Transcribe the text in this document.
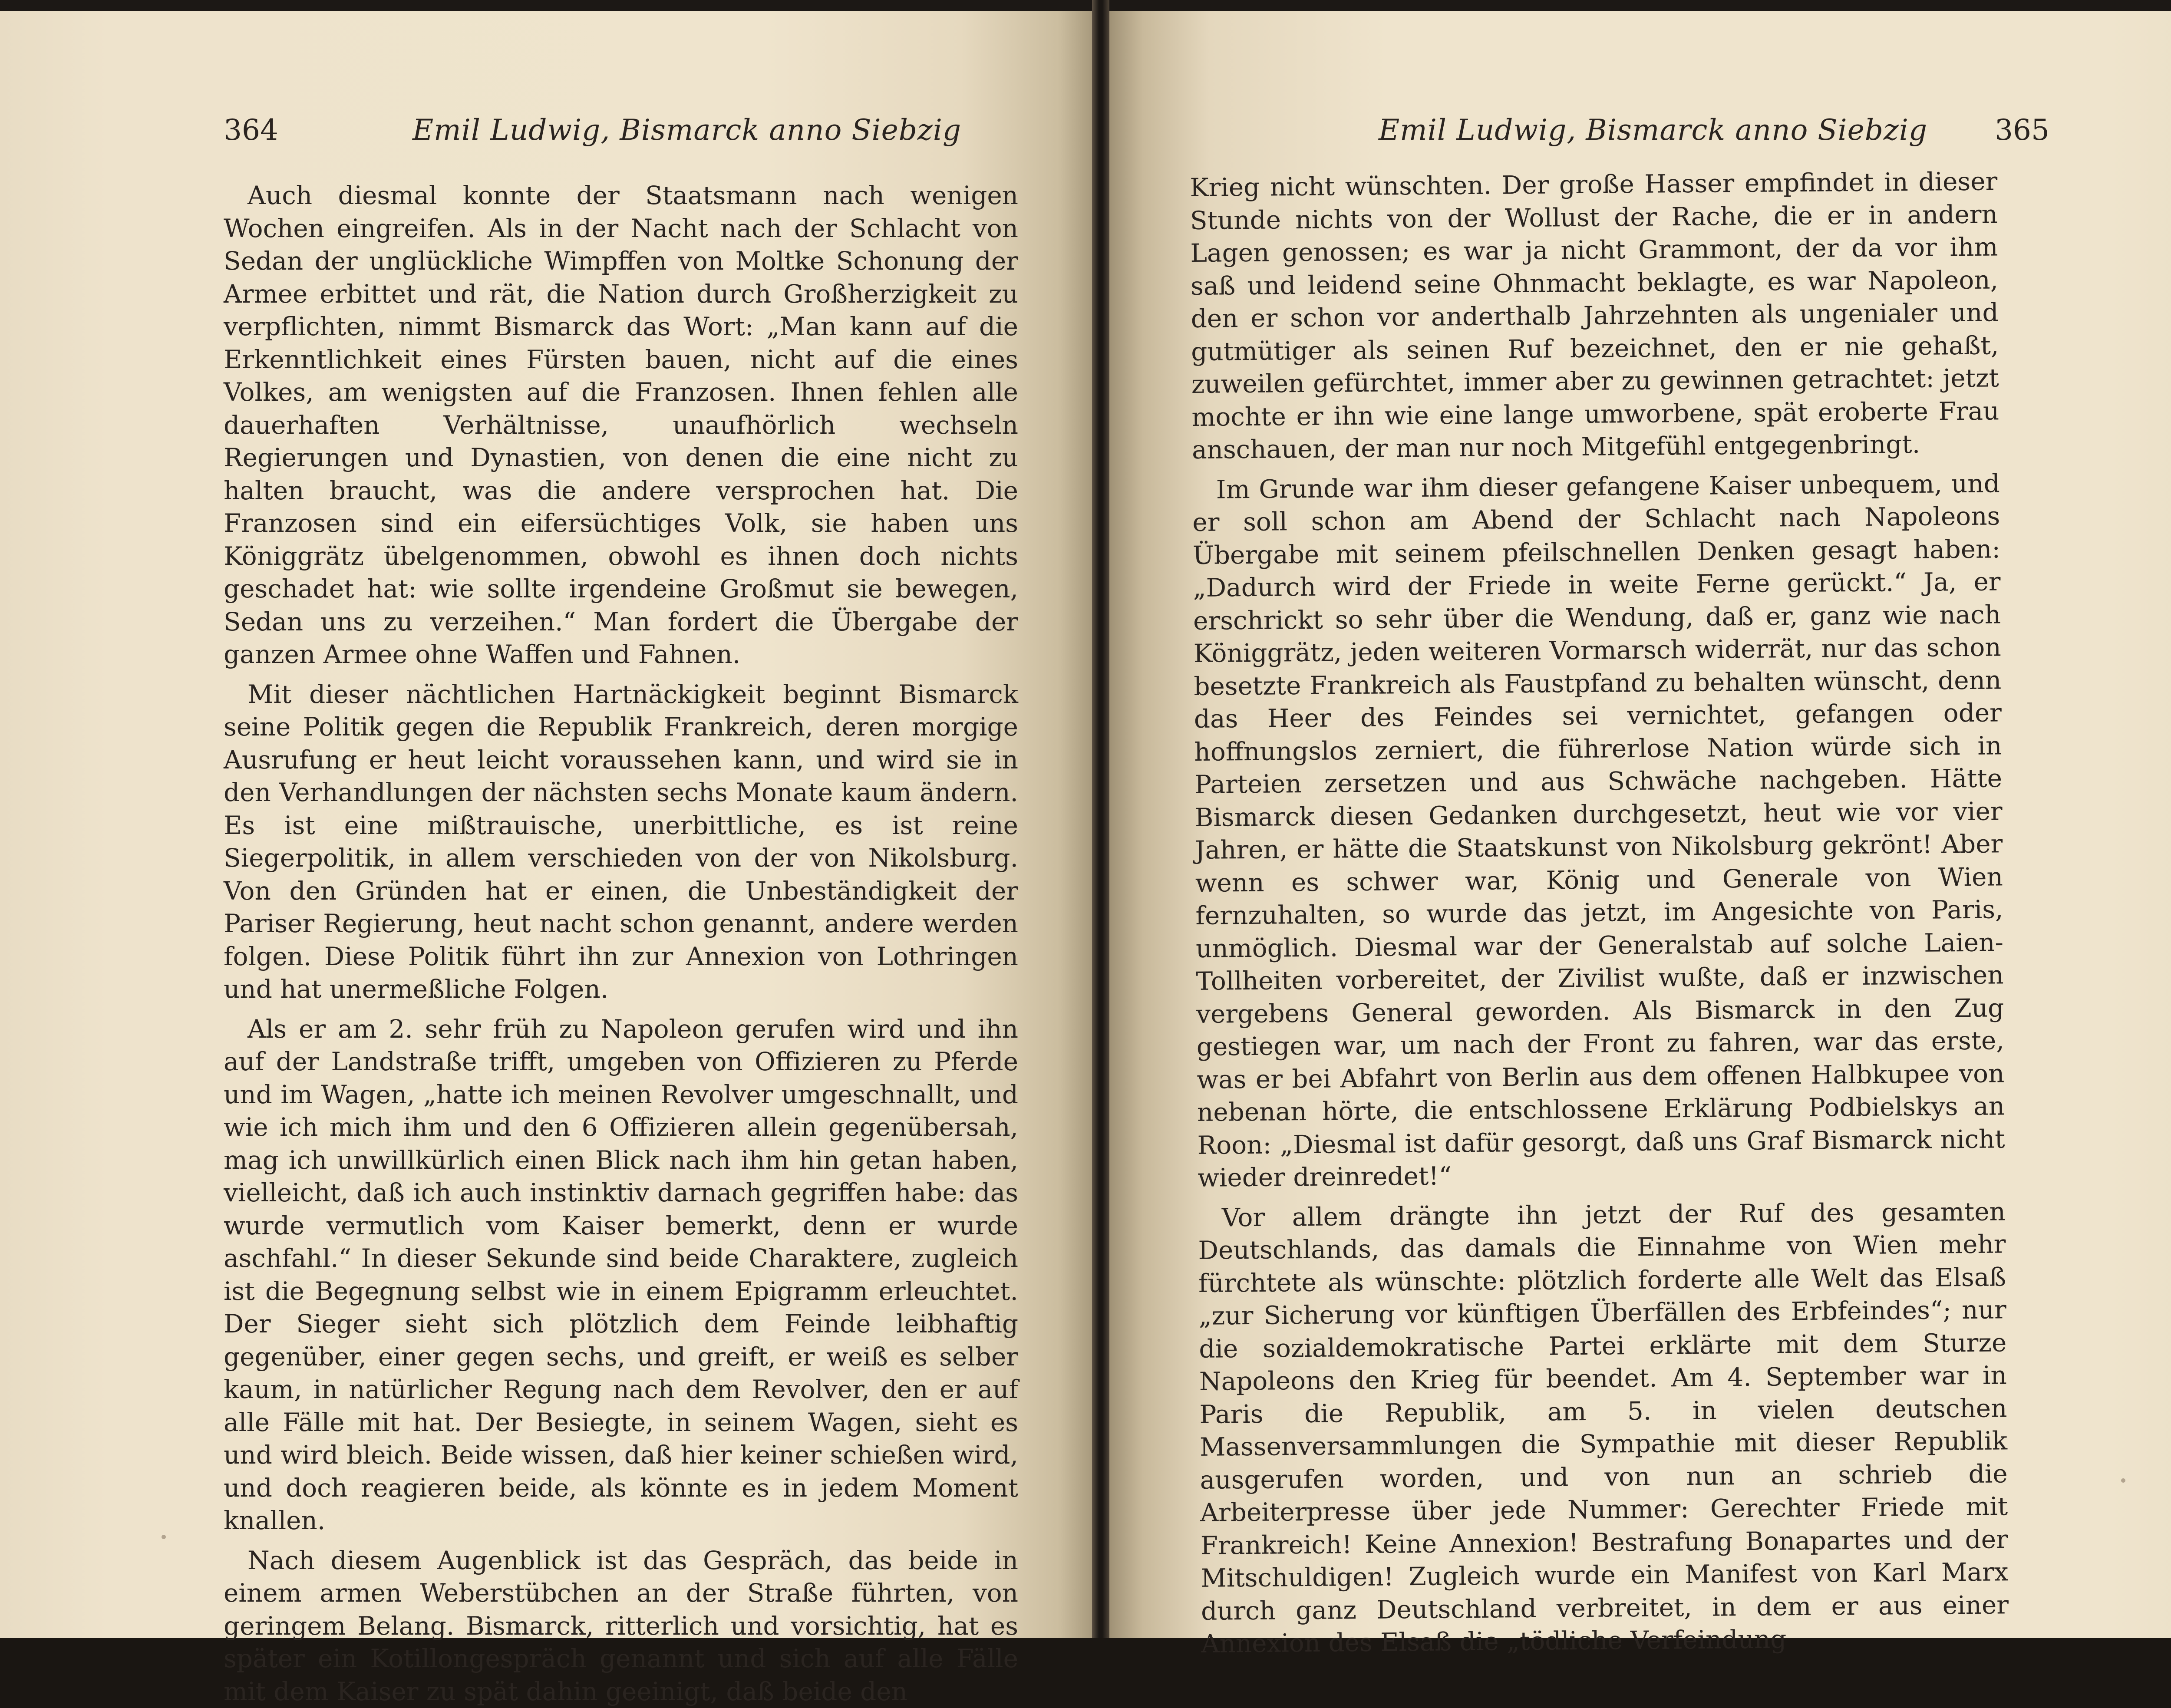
364	Emil Ludwig, Bismarck anno Siebzig

Auch diesmal konnte der Staatsmann nach wenigen Wochen eingreifen. Als in der Nacht nach der Schlacht von Sedan der unglückliche Wimpffen von Moltke Schonung der Armee erbittet und rät, die Nation durch Großherzigkeit zu verpflichten, nimmt Bismarck das Wort: „Man kann auf die Erkenntlichkeit eines Fürsten bauen, nicht auf die eines Volkes, am wenigsten auf die Franzosen. Ihnen fehlen alle dauerhaften Verhältnisse, unaufhörlich wechseln Regierungen und Dynastien, von denen die eine nicht zu halten braucht, was die andere versprochen hat. Die Franzosen sind ein eifersüchtiges Volk, sie haben uns Königgrätz übelgenommen, obwohl es ihnen doch nichts geschadet hat: wie sollte irgendeine Großmut sie bewegen, Sedan uns zu verzeihen.“ Man fordert die Übergabe der ganzen Armee ohne Waffen und Fahnen.

Mit dieser nächtlichen Hartnäckigkeit beginnt Bismarck seine Politik gegen die Republik Frankreich, deren morgige Ausrufung er heut leicht voraussehen kann, und wird sie in den Verhandlungen der nächsten sechs Monate kaum ändern. Es ist eine mißtrauische, unerbittliche, es ist reine Siegerpolitik, in allem verschieden von der von Nikolsburg. Von den Gründen hat er einen, die Unbeständigkeit der Pariser Regierung, heut nacht schon genannt, andere werden folgen. Diese Politik führt ihn zur Annexion von Lothringen und hat unermeßliche Folgen.

Als er am 2. sehr früh zu Napoleon gerufen wird und ihn auf der Landstraße trifft, umgeben von Offizieren zu Pferde und im Wagen, „hatte ich meinen Revolver umgeschnallt, und wie ich mich ihm und den 6 Offizieren allein gegenübersah, mag ich unwillkürlich einen Blick nach ihm hin getan haben, vielleicht, daß ich auch instinktiv darnach gegriffen habe: das wurde vermutlich vom Kaiser bemerkt, denn er wurde aschfahl.“ In dieser Sekunde sind beide Charaktere, zugleich ist die Begegnung selbst wie in einem Epigramm erleuchtet. Der Sieger sieht sich plötzlich dem Feinde leibhaftig gegenüber, einer gegen sechs, und greift, er weiß es selber kaum, in natürlicher Regung nach dem Revolver, den er auf alle Fälle mit hat. Der Besiegte, in seinem Wagen, sieht es und wird bleich. Beide wissen, daß hier keiner schießen wird, und doch reagieren beide, als könnte es in jedem Moment knallen.

Nach diesem Augenblick ist das Gespräch, das beide in einem armen Weberstübchen an der Straße führten, von geringem Belang. Bismarck, ritterlich und vorsichtig, hat es später ein Kotillongespräch genannt und sich auf alle Fälle mit dem Kaiser zu spät dahin geeinigt, daß beide den

Emil Ludwig, Bismarck anno Siebzig 365

Krieg nicht wünschten. Der große Hasser empfindet in dieser Stunde nichts von der Wollust der Rache, die er in andern Lagen genossen; es war ja nicht Grammont, der da vor ihm saß und leidend seine Ohnmacht beklagte, es war Napoleon, den er schon vor anderthalb Jahrzehnten als ungenialer und gutmütiger als seinen Ruf bezeichnet, den er nie gehaßt, zuweilen gefürchtet, immer aber zu gewinnen getrachtet: jetzt mochte er ihn wie eine lange umworbene, spät eroberte Frau anschauen, der man nur noch Mitgefühl entgegenbringt.

Im Grunde war ihm dieser gefangene Kaiser unbequem, und er soll schon am Abend der Schlacht nach Napoleons Übergabe mit seinem pfeilschnellen Denken gesagt haben: „Dadurch wird der Friede in weite Ferne gerückt.“ Ja, er erschrickt so sehr über die Wendung, daß er, ganz wie nach Königgrätz, jeden weiteren Vormarsch widerrät, nur das schon besetzte Frankreich als Faustpfand zu behalten wünscht, denn das Heer des Feindes sei vernichtet, gefangen oder hoffnungslos zerniert, die führerlose Nation würde sich in Parteien zersetzen und aus Schwäche nachgeben. Hätte Bismarck diesen Gedanken durchgesetzt, heut wie vor vier Jahren, er hätte die Staatskunst von Nikolsburg gekrönt! Aber wenn es schwer war, König und Generale von Wien fernzuhalten, so wurde das jetzt, im Angesichte von Paris, unmöglich. Diesmal war der Generalstab auf solche Laien-Tollheiten vorbereitet, der Zivilist wußte, daß er inzwischen vergebens General geworden. Als Bismarck in den Zug gestiegen war, um nach der Front zu fahren, war das erste, was er bei Abfahrt von Berlin aus dem offenen Halbkupee von nebenan hörte, die entschlossene Erklärung Podbielskys an Roon: „Diesmal ist dafür gesorgt, daß uns Graf Bismarck nicht wieder dreinredet!“

Vor allem drängte ihn jetzt der Ruf des gesamten Deutschlands, das damals die Einnahme von Wien mehr fürchtete als wünschte: plötzlich forderte alle Welt das Elsaß „zur Sicherung vor künftigen Überfällen des Erbfeindes“; nur die sozialdemokratische Partei erklärte mit dem Sturze Napoleons den Krieg für beendet. Am 4. September war in Paris die Republik, am 5. in vielen deutschen Massenversammlungen die Sympathie mit dieser Republik ausgerufen worden, und von nun an schrieb die Arbeiterpresse über jede Nummer: Gerechter Friede mit Frankreich! Keine Annexion! Bestrafung Bonapartes und der Mitschuldigen! Zugleich wurde ein Manifest von Karl Marx durch ganz Deutschland verbreitet, in dem er aus einer Annexion des Elsaß die „tödliche Verfeindung
